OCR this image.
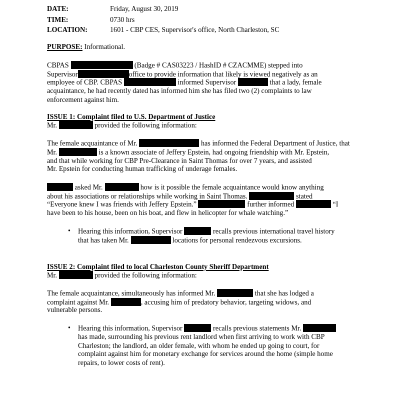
DATE:	Friday, August 30, 2019
TIME:	0730 hrs
LOCATION:	1601 - CBP CES, Supervisor's office, North Charleston, SC
PURPOSE: Informational.
CBPAS	(Badge # CAS03223 / HashID # CZACMME) stepped into
Supervisor	office to provide information that likely is viewed negatively as an
employee of CBP. CBPAS	informed Supervisor	that a lady, female
acquaintance, he had recently dated has informed him she has filed two (2) complaints to law
enforcement against him.
ISSUE 1: Complaint filed to U.S. Department of Justice
Mr.	provided the following information:
The female acquaintance of Mr.	has informed the Federal Department of Justice, that
Mr.	is a known associate of Jeffery Epstein, had ongoing friendship with Mr. Epstein,
and that while working for CBP Pre-Clearance in Saint Thomas for over 7 years, and assisted
Mr. Epstein for conducting human trafficking of underage females.
asked Mr.	how is it possible the female acquaintance would know anything
about his associations or relationships while working in Saint Thomas.	stated
“Everyone knew I was friends with Jeffery Epstein.”	further informed	“I
have been to his house, been on his boat, and flew in helicopter for whale watching.”
• Hearing this information, Supervisor	recalls previous international travel history
that has taken Mr.	locations for personal rendezvous excursions.
ISSUE 2: Complaint filed to local Charleston County Sheriff Department
Mr.	provided the following information:
The female acquaintance, simultaneously has informed Mr.	that she has lodged a
complaint against Mr.	, accusing him of predatory behavior, targeting widows, and
vulnerable persons.
• Hearing this information, Supervisor	recalls previous statements Mr.
has made, surrounding his previous rent landlord when first arriving to work with CBP
Charleston; the landlord, an older female, with whom he ended up going to court, for
complaint against him for monetary exchange for services around the home (simple home
repairs, to lower costs of rent).
